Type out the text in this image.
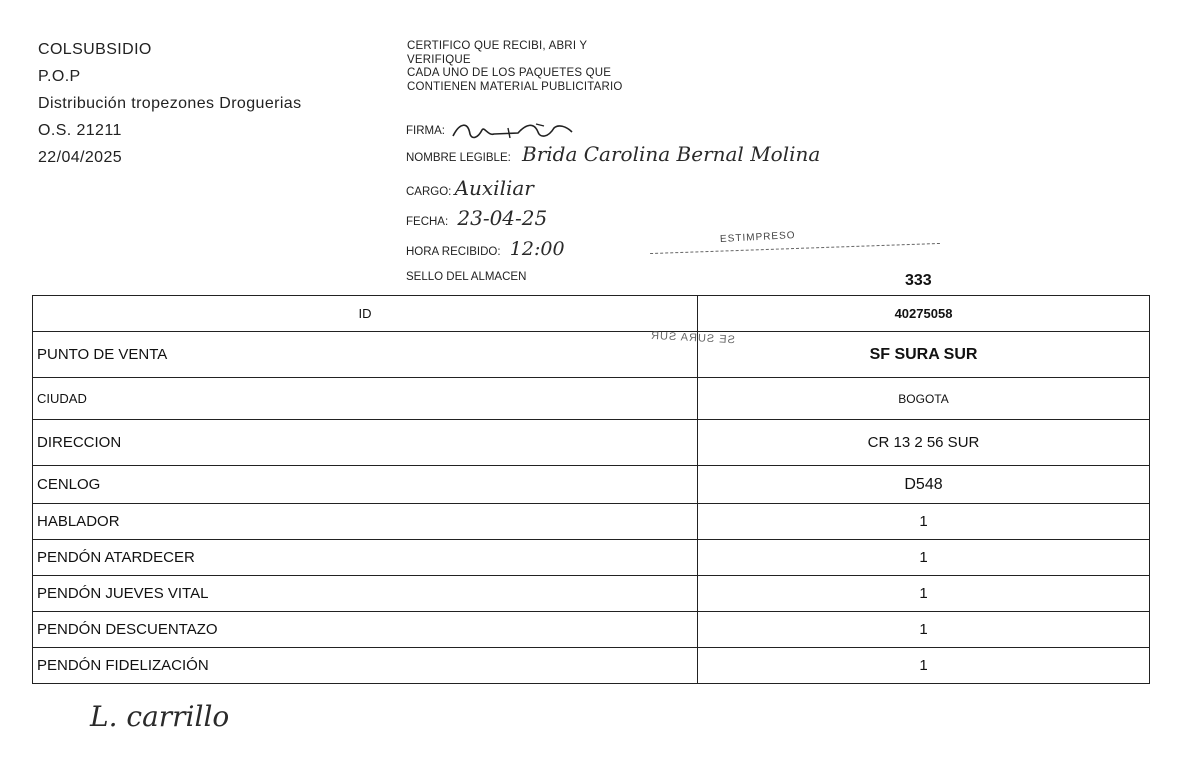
COLSUBSIDIO
P.O.P
Distribución tropezones Droguerias
O.S. 21211
22/04/2025
CERTIFICO QUE RECIBI, ABRI Y
VERIFIQUE
CADA UNO DE LOS PAQUETES QUE
CONTIENEN MATERIAL PUBLICITARIO
FIRMA:
NOMBRE LEGIBLE: Brida Carolina Bernal Molina
CARGO: Auxiliar
FECHA: 23-04-25
HORA RECIBIDO: 12:00
SELLO DEL ALMACEN
ESTIMPRESO
333
ID	40275058
PUNTO DE VENTA	SF SURA SUR
CIUDAD	BOGOTA
DIRECCION	CR 13 2 56 SUR
CENLOG	D548
HABLADOR	1
PENDÓN ATARDECER	1
PENDÓN JUEVES VITAL	1
PENDÓN DESCUENTAZO	1
PENDÓN FIDELIZACIÓN	1
SE SURA SUR
L. carrillo
